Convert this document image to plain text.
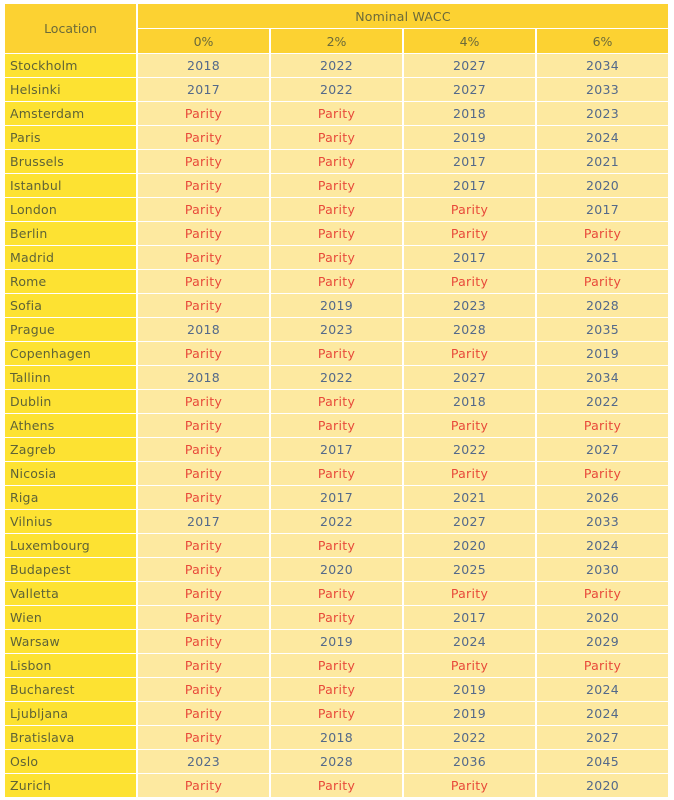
Location	Nominal WACC			
	0%	2%	4%	6%
Stockholm	2018	2022	2027	2034
Helsinki	2017	2022	2027	2033
Amsterdam	Parity	Parity	2018	2023
Paris	Parity	Parity	2019	2024
Brussels	Parity	Parity	2017	2021
Istanbul	Parity	Parity	2017	2020
London	Parity	Parity	Parity	2017
Berlin	Parity	Parity	Parity	Parity
Madrid	Parity	Parity	2017	2021
Rome	Parity	Parity	Parity	Parity
Sofia	Parity	2019	2023	2028
Prague	2018	2023	2028	2035
Copenhagen	Parity	Parity	Parity	2019
Tallinn	2018	2022	2027	2034
Dublin	Parity	Parity	2018	2022
Athens	Parity	Parity	Parity	Parity
Zagreb	Parity	2017	2022	2027
Nicosia	Parity	Parity	Parity	Parity
Riga	Parity	2017	2021	2026
Vilnius	2017	2022	2027	2033
Luxembourg	Parity	Parity	2020	2024
Budapest	Parity	2020	2025	2030
Valletta	Parity	Parity	Parity	Parity
Wien	Parity	Parity	2017	2020
Warsaw	Parity	2019	2024	2029
Lisbon	Parity	Parity	Parity	Parity
Bucharest	Parity	Parity	2019	2024
Ljubljana	Parity	Parity	2019	2024
Bratislava	Parity	2018	2022	2027
Oslo	2023	2028	2036	2045
Zurich	Parity	Parity	Parity	2020
